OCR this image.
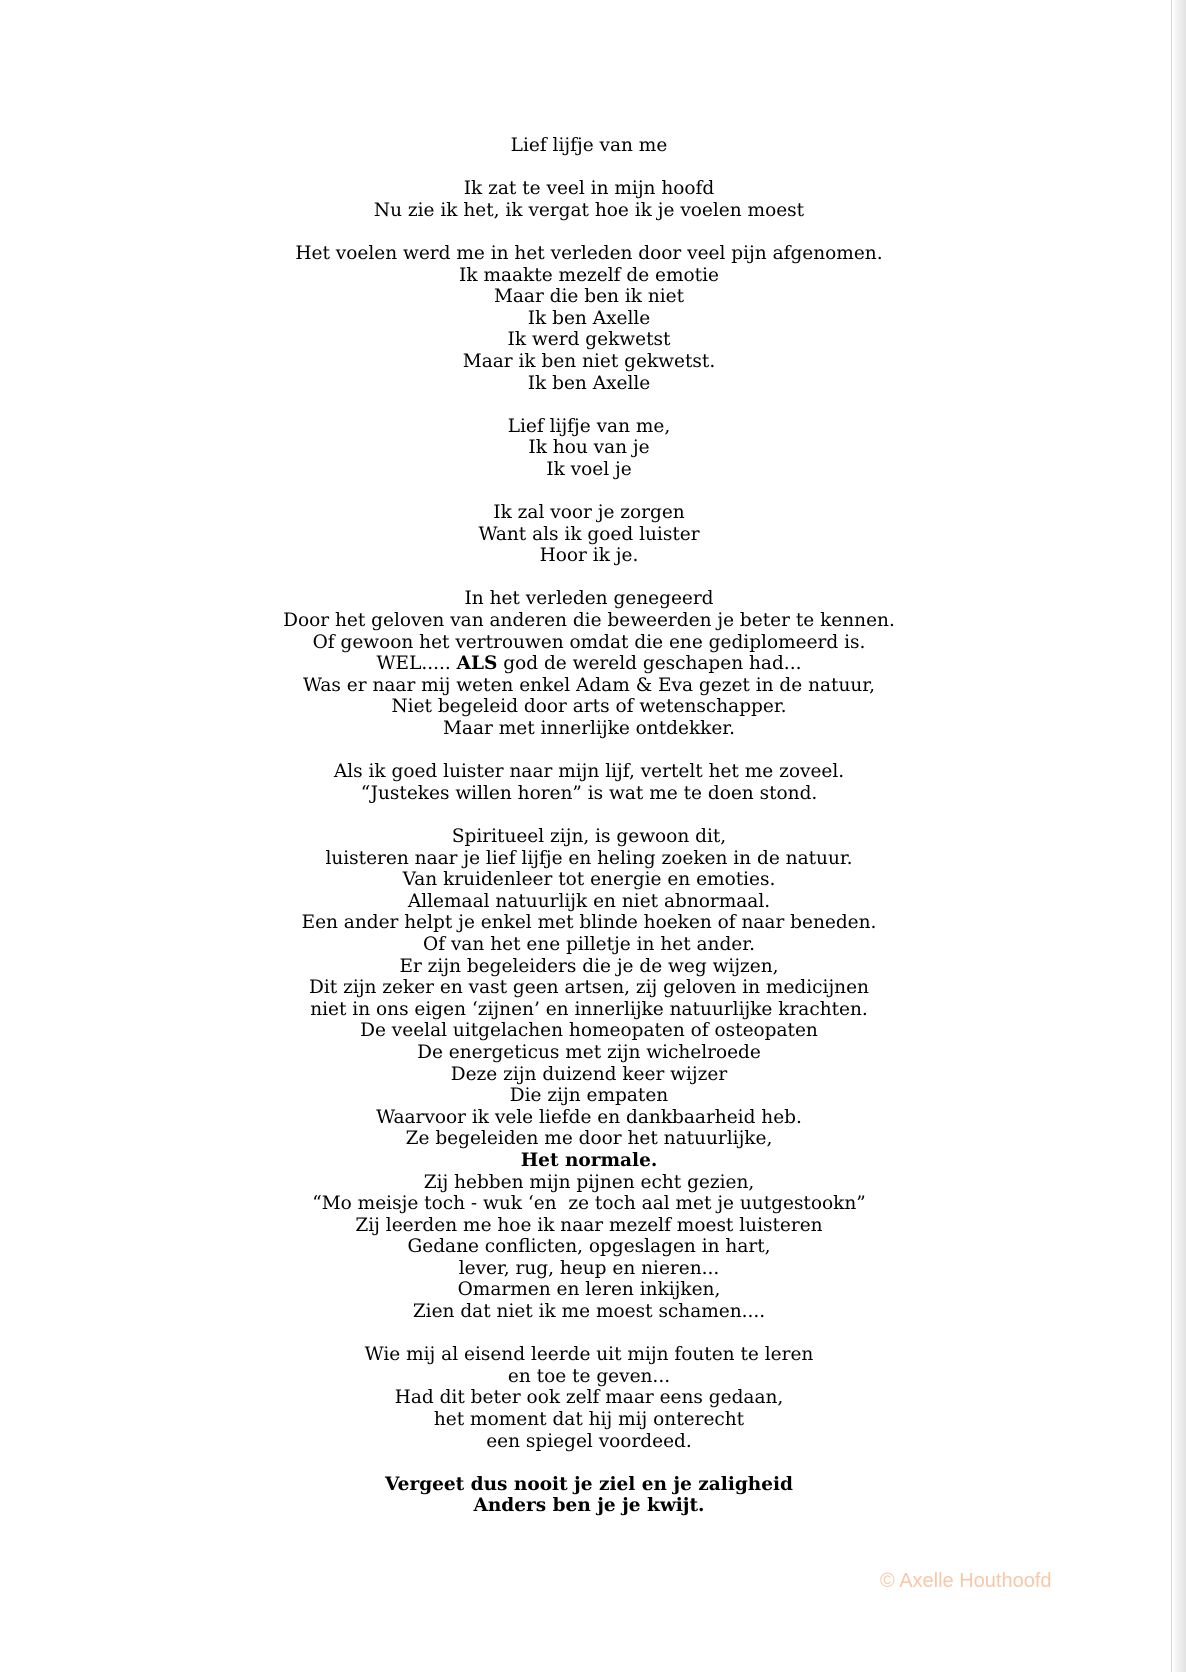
Lief lijfje van me
Ik zat te veel in mijn hoofd
Nu zie ik het, ik vergat hoe ik je voelen moest
Het voelen werd me in het verleden door veel pijn afgenomen.
Ik maakte mezelf de emotie
Maar die ben ik niet
Ik ben Axelle
Ik werd gekwetst
Maar ik ben niet gekwetst.
Ik ben Axelle
Lief lijfje van me,
Ik hou van je
Ik voel je
Ik zal voor je zorgen
Want als ik goed luister
Hoor ik je.
In het verleden genegeerd
Door het geloven van anderen die beweerden je beter te kennen.
Of gewoon het vertrouwen omdat die ene gediplomeerd is.
WEL..... ALS god de wereld geschapen had...
Was er naar mij weten enkel Adam & Eva gezet in de natuur,
Niet begeleid door arts of wetenschapper.
Maar met innerlijke ontdekker.
Als ik goed luister naar mijn lijf, vertelt het me zoveel.
“Justekes willen horen” is wat me te doen stond.
Spiritueel zijn, is gewoon dit,
luisteren naar je lief lijfje en heling zoeken in de natuur.
Van kruidenleer tot energie en emoties.
Allemaal natuurlijk en niet abnormaal.
Een ander helpt je enkel met blinde hoeken of naar beneden.
Of van het ene pilletje in het ander.
Er zijn begeleiders die je de weg wijzen,
Dit zijn zeker en vast geen artsen, zij geloven in medicijnen
niet in ons eigen ‘zijnen’ en innerlijke natuurlijke krachten.
De veelal uitgelachen homeopaten of osteopaten
De energeticus met zijn wichelroede
Deze zijn duizend keer wijzer
Die zijn empaten
Waarvoor ik vele liefde en dankbaarheid heb.
Ze begeleiden me door het natuurlijke,
Het normale.
Zij hebben mijn pijnen echt gezien,
“Mo meisje toch - wuk ‘en  ze toch aal met je uutgestookn”
Zij leerden me hoe ik naar mezelf moest luisteren
Gedane conflicten, opgeslagen in hart,
lever, rug, heup en nieren...
Omarmen en leren inkijken,
Zien dat niet ik me moest schamen....
Wie mij al eisend leerde uit mijn fouten te leren
en toe te geven...
Had dit beter ook zelf maar eens gedaan,
het moment dat hij mij onterecht
een spiegel voordeed.
Vergeet dus nooit je ziel en je zaligheid
Anders ben je je kwijt.
© Axelle Houthoofd
